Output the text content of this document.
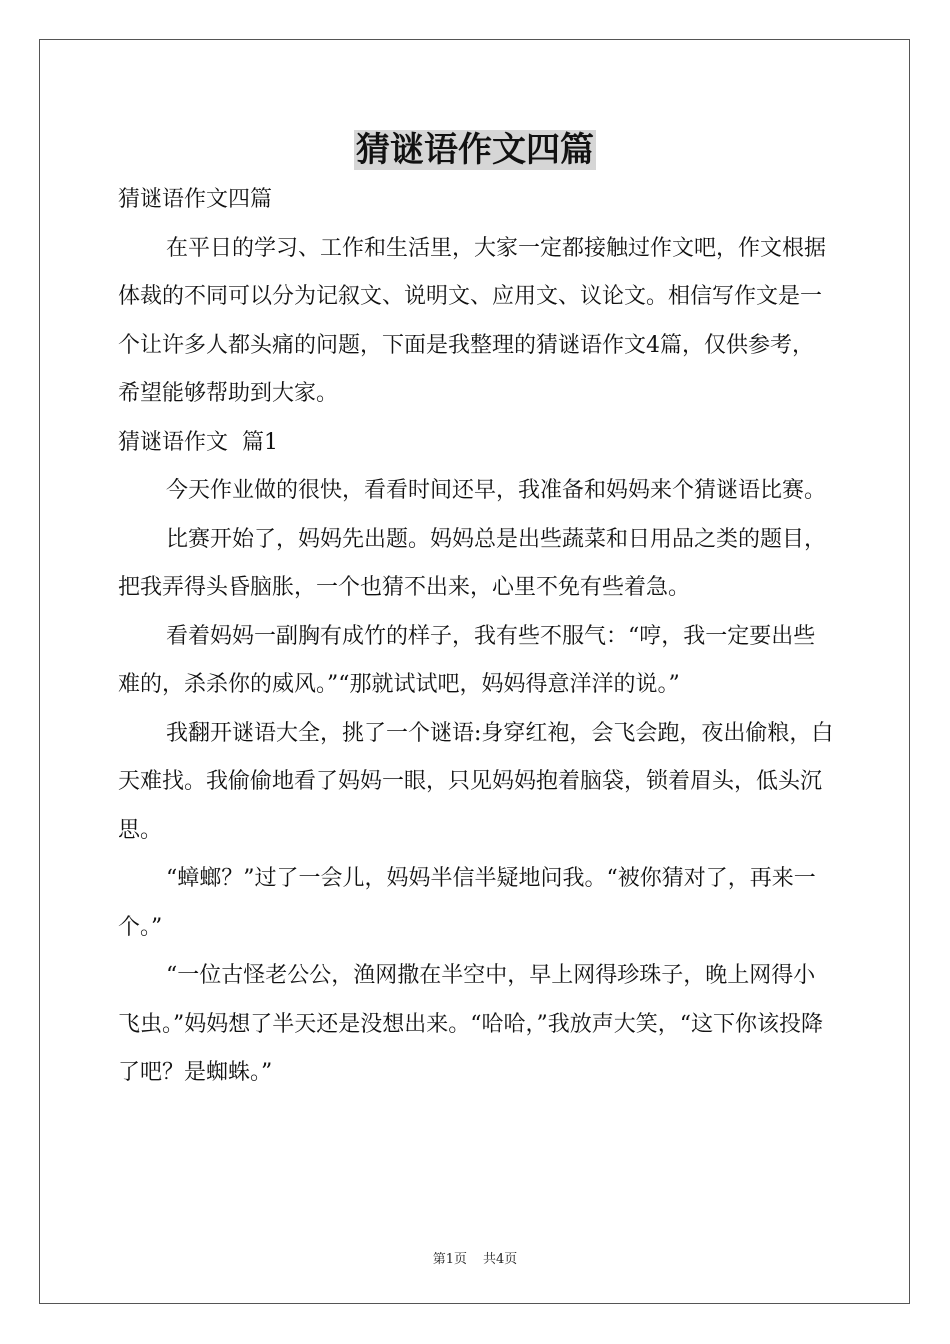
猜谜语作文四篇

猜谜语作文四篇

在平日的学习、工作和生活里，大家一定都接触过作文吧，作文根据体裁的不同可以分为记叙文、说明文、应用文、议论文。相信写作文是一个让许多人都头痛的问题，下面是我整理的猜谜语作文4篇，仅供参考，希望能够帮助到大家。

猜谜语作文  篇1

今天作业做的很快，看看时间还早，我准备和妈妈来个猜谜语比赛。

比赛开始了，妈妈先出题。妈妈总是出些蔬菜和日用品之类的题目，把我弄得头昏脑胀，一个也猜不出来，心里不免有些着急。

看着妈妈一副胸有成竹的样子，我有些不服气：“哼，我一定要出些难的，杀杀你的威风。”“那就试试吧，妈妈得意洋洋的说。”

我翻开谜语大全，挑了一个谜语:身穿红袍，会飞会跑，夜出偷粮，白天难找。我偷偷地看了妈妈一眼，只见妈妈抱着脑袋，锁着眉头，低头沉思。

“蟑螂？”过了一会儿，妈妈半信半疑地问我。“被你猜对了，再来一个。”

“一位古怪老公公，渔网撒在半空中，早上网得珍珠子，晚上网得小飞虫。”妈妈想了半天还是没想出来。“哈哈，”我放声大笑，“这下你该投降了吧？是蜘蛛。”

第1页 共4页
